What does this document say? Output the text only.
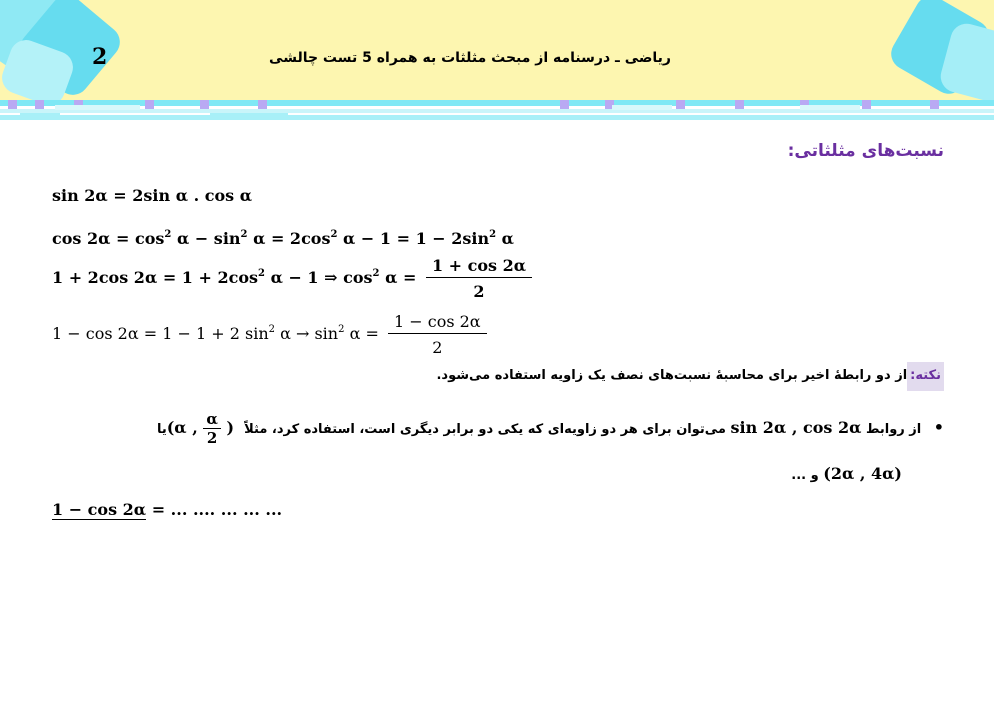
2	ریاضی ـ درسنامه از مبحث مثلثات به همراه 5 تست چالشی
نسبت‌های مثلثاتی:
sin 2α = 2sin α . cos α
$\cos 2\alpha = \cos^2 \alpha - \sin^2 \alpha = 2\cos^2$ $\alpha - 1 = 1 - 2\sin^2$ α
1 + 2cos $2\alpha = 1 + 2\cos^2$ α − 1 ⇒ $\cos^2 \alpha = \frac{1 + \cos 2\alpha}{2}$
1 − cos 2α = 1 − 1 + 2 $\sin^2 \alpha \to \sin^2 \alpha = \frac{1 - \cos 2\alpha}{2}$
نکته:از دو رابطهٔ اخیر برای محاسبهٔ نسبت‌های نصف یک زاویه استفاده می‌شود.
• از روابط sin 2α , cos 2α می‌توان برای هر دو زاویه‌ای که یکی دو برابر دیگری است، استفاده کرد، مثلاً (α , $\frac{\alpha}{2}$ ) یا
(2α , 4α) و ...
1 − cos 2α = ... .... ... ... ...
